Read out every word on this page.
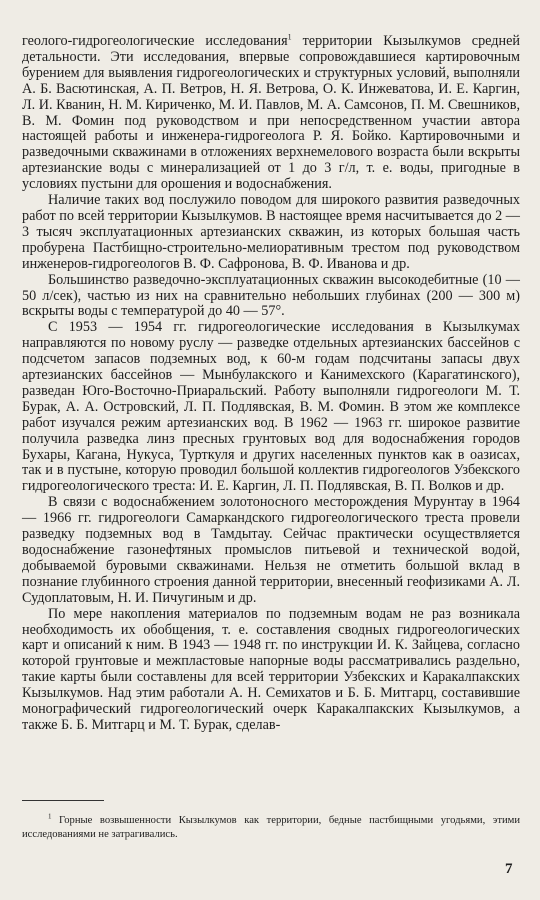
геолого-гидрогеологические исследования$^1$ территории Кызылкумов средней детальности. Эти исследования, впервые сопровождавшиеся картировочным бурением для выявления гидрогеологических и структурных условий, выполняли А. Б. Васютинская, А. П. Ветров, Н. Я. Ветрова, О. К. Инжеватова, И. Е. Каргин, Л. И. Кванин, Н. М. Кириченко, М. И. Павлов, М. А. Самсонов, П. М. Свешников, В. М. Фомин под руководством и при непосредственном участии автора настоящей работы и инженера-гидрогеолога Р. Я. Бойко. Картировочными и разведочными скважинами в отложениях верхнемелового возраста были вскрыты артезианские воды с минерализацией от 1 до 3 г/л, т. е. воды, пригодные в условиях пустыни для орошения и водоснабжения.

Наличие таких вод послужило поводом для широкого развития разведочных работ по всей территории Кызылкумов. В настоящее время насчитывается до 2 — 3 тысяч эксплуатационных артезианских скважин, из которых большая часть пробурена Пастбищно-строительно-мелиоративным трестом под руководством инженеров-гидрогеологов В. Ф. Сафронова, В. Ф. Иванова и др.

Большинство разведочно-эксплуатационных скважин высокодебитные (10 — 50 л/сек), частью из них на сравнительно небольших глубинах (200 — 300 м) вскрыты воды с температурой до 40 — 57°.

С 1953 — 1954 гг. гидрогеологические исследования в Кызылкумах направляются по новому руслу — разведке отдельных артезианских бассейнов с подсчетом запасов подземных вод, к 60-м годам подсчитаны запасы двух артезианских бассейнов — Мынбулакского и Канимехского (Карагатинского), разведан Юго-Восточно-Приаральский. Работу выполняли гидрогеологи М. Т. Бурак, А. А. Островский, Л. П. Подлявская, В. М. Фомин. В этом же комплексе работ изучался режим артезианских вод. В 1962 — 1963 гг. широкое развитие получила разведка линз пресных грунтовых вод для водоснабжения городов Бухары, Кагана, Нукуса, Турткуля и других населенных пунктов как в оазисах, так и в пустыне, которую проводил большой коллектив гидрогеологов Узбекского гидрогеологического треста: И. Е. Каргин, Л. П. Подлявская, В. П. Волков и др.

В связи с водоснабжением золотоносного месторождения Мурунтау в 1964 — 1966 гг. гидрогеологи Самаркандского гидрогеологического треста провели разведку подземных вод в Тамдытау. Сейчас практически осуществляется водоснабжение газонефтяных промыслов питьевой и технической водой, добываемой буровыми скважинами. Нельзя не отметить большой вклад в познание глубинного строения данной территории, внесенный геофизиками А. Л. Судоплатовым, Н. И. Пичугиным и др.

По мере накопления материалов по подземным водам не раз возникала необходимость их обобщения, т. е. составления сводных гидрогеологических карт и описаний к ним. В 1943 — 1948 гг. по инструкции И. К. Зайцева, согласно которой грунтовые и межпластовые напорные воды рассматривались раздельно, такие карты были составлены для всей территории Узбекских и Каракалпакских Кызылкумов. Над этим работали А. Н. Семихатов и Б. Б. Митгарц, составившие монографический гидрогеологический очерк Каракалпакских Кызылкумов, а также Б. Б. Митгарц и М. Т. Бурак, сделав-

$^1$ Горные возвышенности Кызылкумов как территории, бедные пастбищными угодьями, этими исследованиями не затрагивались.
7
